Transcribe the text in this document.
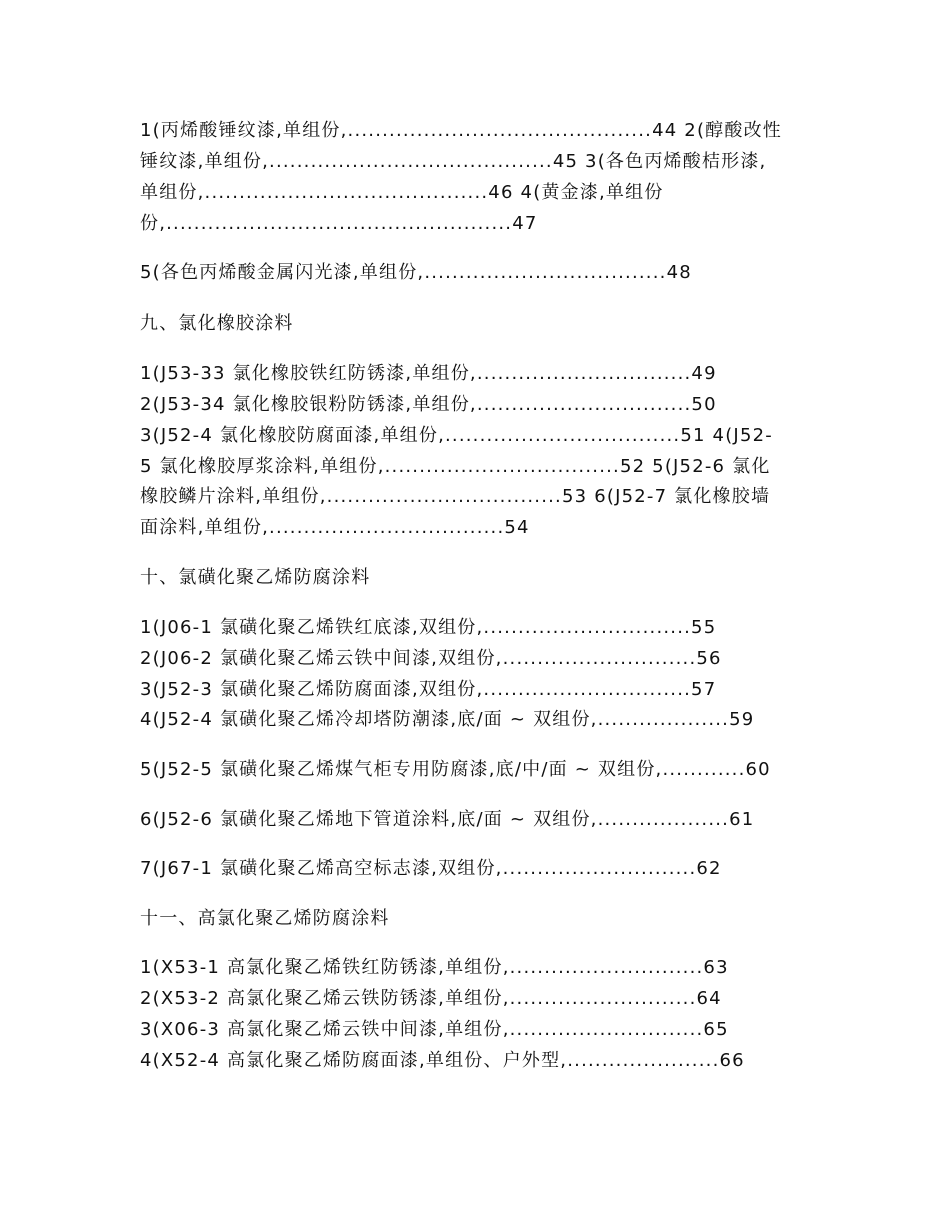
1(丙烯酸锤纹漆,单组份,............................................44 2(醇酸改性

锤纹漆,单组份,.........................................45 3(各色丙烯酸桔形漆,

单组份,.........................................46 4(黄金漆,单组份

份,..................................................47

5(各色丙烯酸金属闪光漆,单组份,...................................48

九、氯化橡胶涂料

1(J53-33 氯化橡胶铁红防锈漆,单组份,...............................49

2(J53-34 氯化橡胶银粉防锈漆,单组份,...............................50

3(J52-4 氯化橡胶防腐面漆,单组份,..................................51 4(J52-

5 氯化橡胶厚浆涂料,单组份,..................................52 5(J52-6 氯化

橡胶鳞片涂料,单组份,..................................53 6(J52-7 氯化橡胶墙

面涂料,单组份,..................................54

十、氯磺化聚乙烯防腐涂料

1(J06-1 氯磺化聚乙烯铁红底漆,双组份,..............................55

2(J06-2 氯磺化聚乙烯云铁中间漆,双组份,............................56

3(J52-3 氯磺化聚乙烯防腐面漆,双组份,..............................57

4(J52-4 氯磺化聚乙烯冷却塔防潮漆,底/面 ~ 双组份,...................59

5(J52-5 氯磺化聚乙烯煤气柜专用防腐漆,底/中/面 ~ 双组份,............60

6(J52-6 氯磺化聚乙烯地下管道涂料,底/面 ~ 双组份,...................61

7(J67-1 氯磺化聚乙烯高空标志漆,双组份,............................62

十一、高氯化聚乙烯防腐涂料

1(X53-1 高氯化聚乙烯铁红防锈漆,单组份,............................63

2(X53-2 高氯化聚乙烯云铁防锈漆,单组份,...........................64

3(X06-3 高氯化聚乙烯云铁中间漆,单组份,............................65

4(X52-4 高氯化聚乙烯防腐面漆,单组份、户外型,......................66
